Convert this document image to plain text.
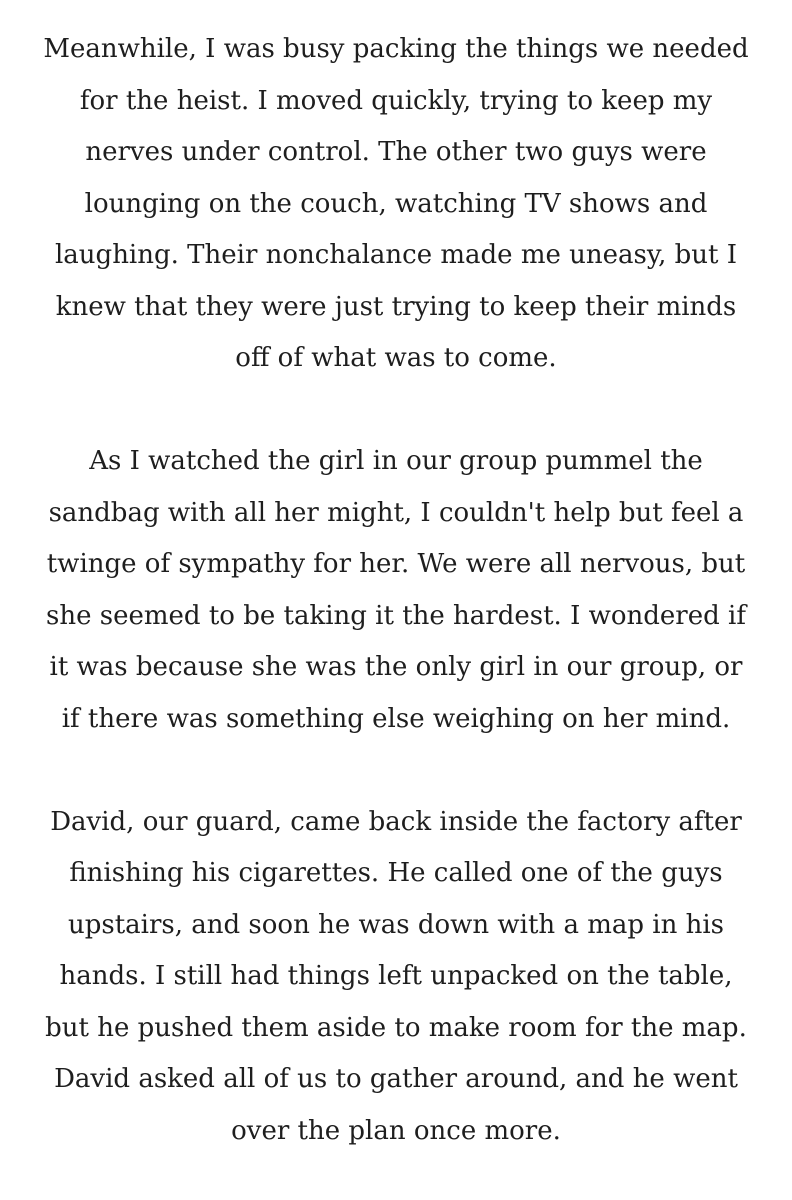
Meanwhile, I was busy packing the things we needed
for the heist. I moved quickly, trying to keep my
nerves under control. The other two guys were
lounging on the couch, watching TV shows and
laughing. Their nonchalance made me uneasy, but I
knew that they were just trying to keep their minds
off of what was to come.

As I watched the girl in our group pummel the
sandbag with all her might, I couldn't help but feel a
twinge of sympathy for her. We were all nervous, but
she seemed to be taking it the hardest. I wondered if
it was because she was the only girl in our group, or
if there was something else weighing on her mind.

David, our guard, came back inside the factory after
finishing his cigarettes. He called one of the guys
upstairs, and soon he was down with a map in his
hands. I still had things left unpacked on the table,
but he pushed them aside to make room for the map.
David asked all of us to gather around, and he went
over the plan once more.
